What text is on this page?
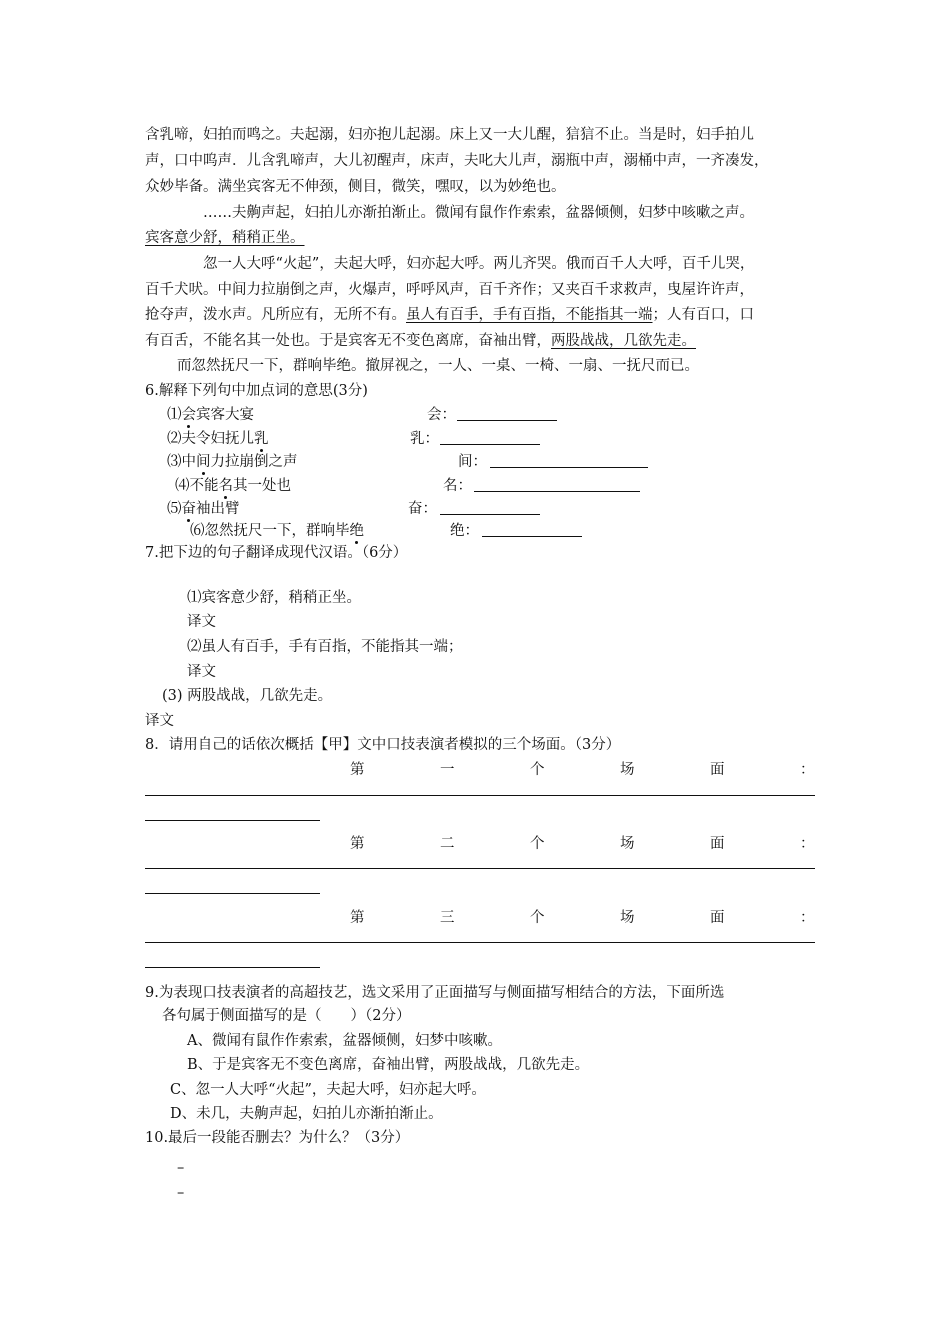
含乳啼，妇拍而鸣之。夫起溺，妇亦抱儿起溺。床上又一大儿醒，狺狺不止。当是时，妇手拍儿
声，口中呜声．儿含乳啼声，大儿初醒声，床声，夫叱大儿声，溺瓶中声，溺桶中声，一齐凑发，
众妙毕备。满坐宾客无不伸颈，侧目，微笑，嘿叹，以为妙绝也。
……夫齁声起，妇拍儿亦渐拍渐止。微闻有鼠作作索索，盆器倾侧，妇梦中咳嗽之声。
宾客意少舒，稍稍正坐。
忽一人大呼“火起”，夫起大呼，妇亦起大呼。两儿齐哭。俄而百千人大呼，百千儿哭，
百千犬吠。中间力拉崩倒之声，火爆声，呼呼风声，百千齐作；又夹百千求救声，曳屋许许声，
抢夺声，泼水声。凡所应有，无所不有。虽人有百手，手有百指，不能指其一端；人有百口，口
有百舌，不能名其一处也。于是宾客无不变色离席，奋袖出臂，两股战战，几欲先走。
而忽然抚尺一下，群响毕绝。撤屏视之，一人、一桌、一椅、一扇、一抚尺而已。
6.解释下列句中加点词的意思(3分)
⑴会宾客大宴	会：
⑵夫令妇抚儿乳	乳：
⑶中间力拉崩倒之声	间：
⑷不能名其一处也	名：
⑸奋袖出臂	奋：
⑹忽然抚尺一下，群响毕绝	绝：
7.把下边的句子翻译成现代汉语。（6分）
⑴宾客意少舒，稍稍正坐。
译文
⑵虽人有百手，手有百指，不能指其一端；
译文
(3) 两股战战，几欲先走。
译文
8．请用自己的话依次概括【甲】文中口技表演者模拟的三个场面。（3分）
第	一	个	场	面	：
第	二	个	场	面	：
第	三	个	场	面	：
9.为表现口技表演者的高超技艺，选文采用了正面描写与侧面描写相结合的方法，下面所选
各句属于侧面描写的是（　　）（2分）
A、微闻有鼠作作索索，盆器倾侧，妇梦中咳嗽。
B、于是宾客无不变色离席，奋袖出臂，两股战战，几欲先走。
C、忽一人大呼“火起”，夫起大呼，妇亦起大呼。
D、未几，夫齁声起，妇拍儿亦渐拍渐止。
10.最后一段能否删去？为什么？（3分）
–
–
